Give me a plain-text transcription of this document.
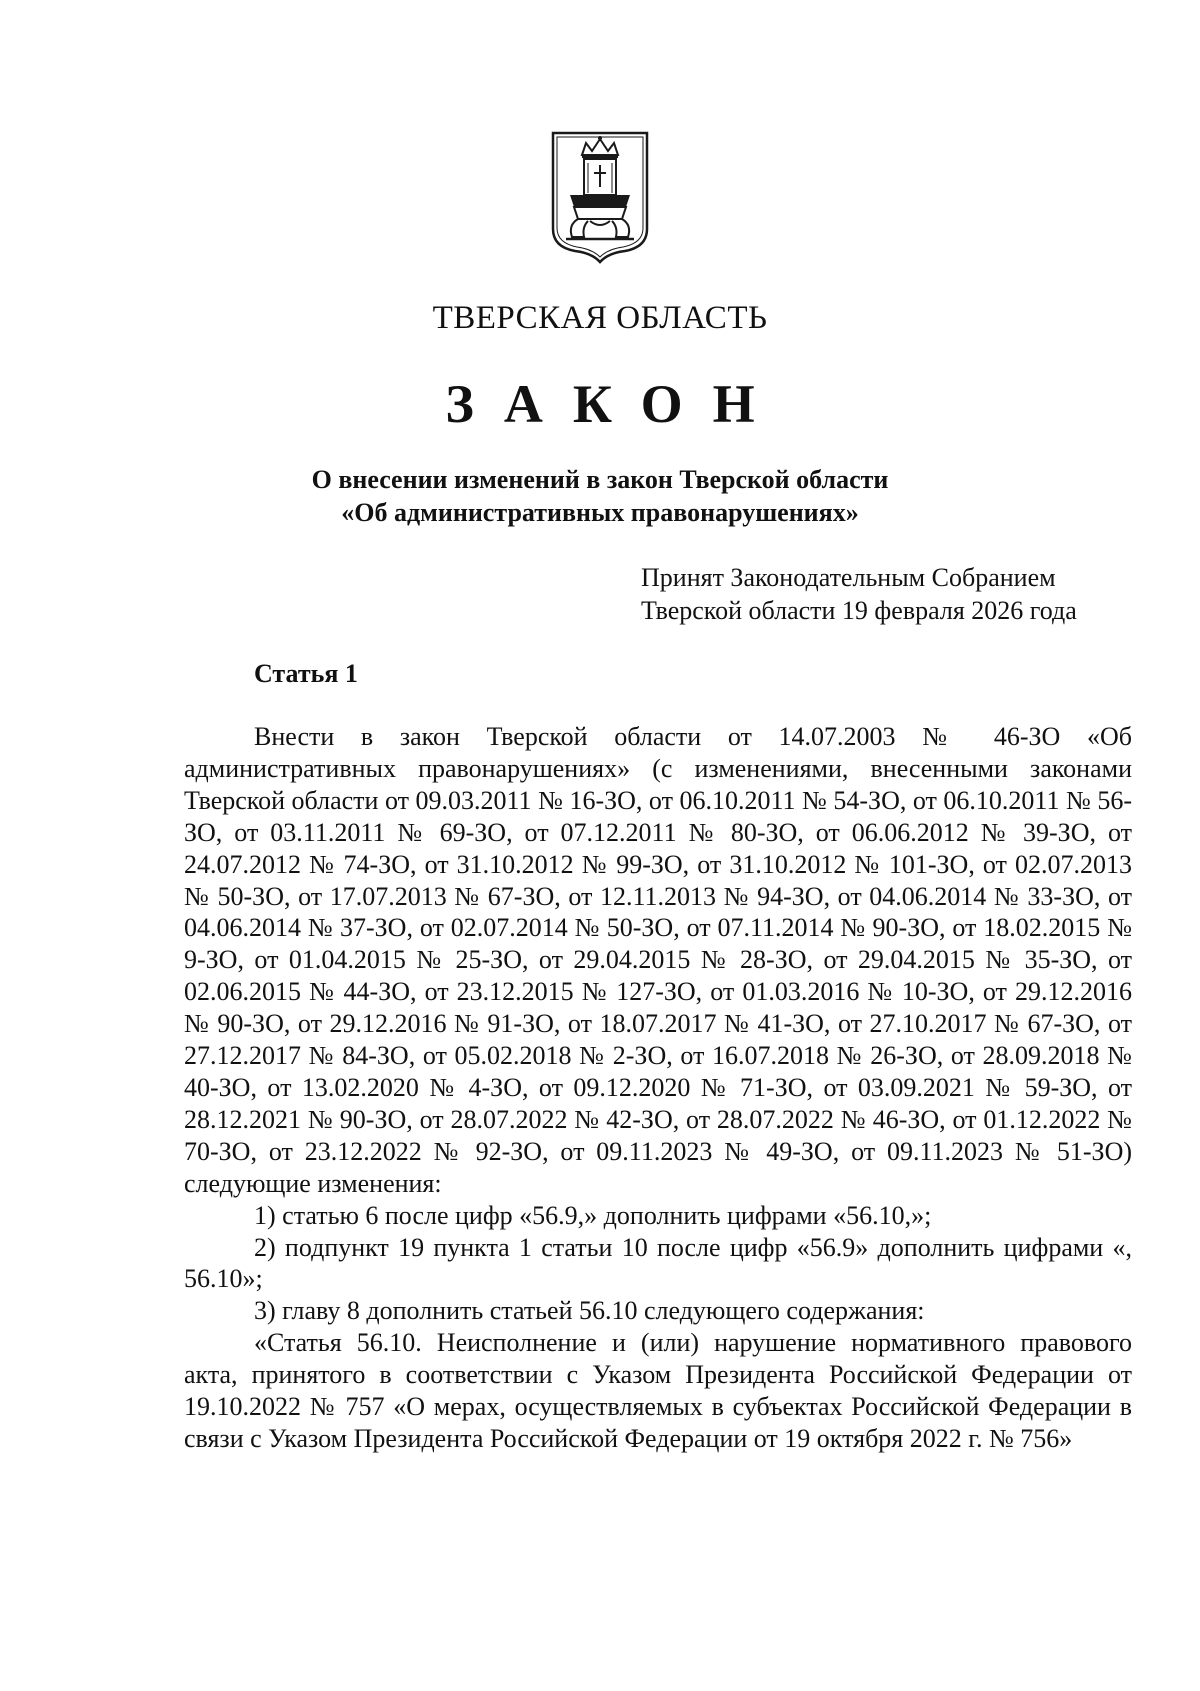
ТВЕРСКАЯ ОБЛАСТЬ
ЗАКОН
О внесении изменений в закон Тверской области
«Об административных правонарушениях»
Принят Законодательным Собранием
Тверской области 19 февраля 2026 года
Статья 1

Внести в закон Тверской области от 14.07.2003 № 46-ЗО «Об административных правонарушениях» (с изменениями, внесенными законами Тверской области от 09.03.2011 № 16-ЗО, от 06.10.2011 № 54-ЗО, от 06.10.2011 № 56-ЗО, от 03.11.2011 № 69-ЗО, от 07.12.2011 № 80-ЗО, от 06.06.2012 № 39-ЗО, от 24.07.2012 № 74-ЗО, от 31.10.2012 № 99-ЗО, от 31.10.2012 № 101-ЗО, от 02.07.2013 № 50-ЗО, от 17.07.2013 № 67-ЗО, от 12.11.2013 № 94-ЗО, от 04.06.2014 № 33-ЗО, от 04.06.2014 № 37-ЗО, от 02.07.2014 № 50-ЗО, от 07.11.2014 № 90-ЗО, от 18.02.2015 № 9-ЗО, от 01.04.2015 № 25-ЗО, от 29.04.2015 № 28-ЗО, от 29.04.2015 № 35-ЗО, от 02.06.2015 № 44-ЗО, от 23.12.2015 № 127-ЗО, от 01.03.2016 № 10-ЗО, от 29.12.2016 № 90-ЗО, от 29.12.2016 № 91-ЗО, от 18.07.2017 № 41-ЗО, от 27.10.2017 № 67-ЗО, от 27.12.2017 № 84-ЗО, от 05.02.2018 № 2-ЗО, от 16.07.2018 № 26-ЗО, от 28.09.2018 № 40-ЗО, от 13.02.2020 № 4-ЗО, от 09.12.2020 № 71-ЗО, от 03.09.2021 № 59-ЗО, от 28.12.2021 № 90-ЗО, от 28.07.2022 № 42-ЗО, от 28.07.2022 № 46-ЗО, от 01.12.2022 № 70-ЗО, от 23.12.2022 № 92-ЗО, от 09.11.2023 № 49-ЗО, от 09.11.2023 № 51-ЗО) следующие изменения:

1) статью 6 после цифр «56.9,» дополнить цифрами «56.10,»;

2) подпункт 19 пункта 1 статьи 10 после цифр «56.9» дополнить цифрами «, 56.10»;

3) главу 8 дополнить статьей 56.10 следующего содержания:

«Статья 56.10. Неисполнение и (или) нарушение нормативного правового акта, принятого в соответствии с Указом Президента Российской Федерации от 19.10.2022 № 757 «О мерах, осуществляемых в субъектах Российской Федерации в связи с Указом Президента Российской Федерации от 19 октября 2022 г. № 756»
